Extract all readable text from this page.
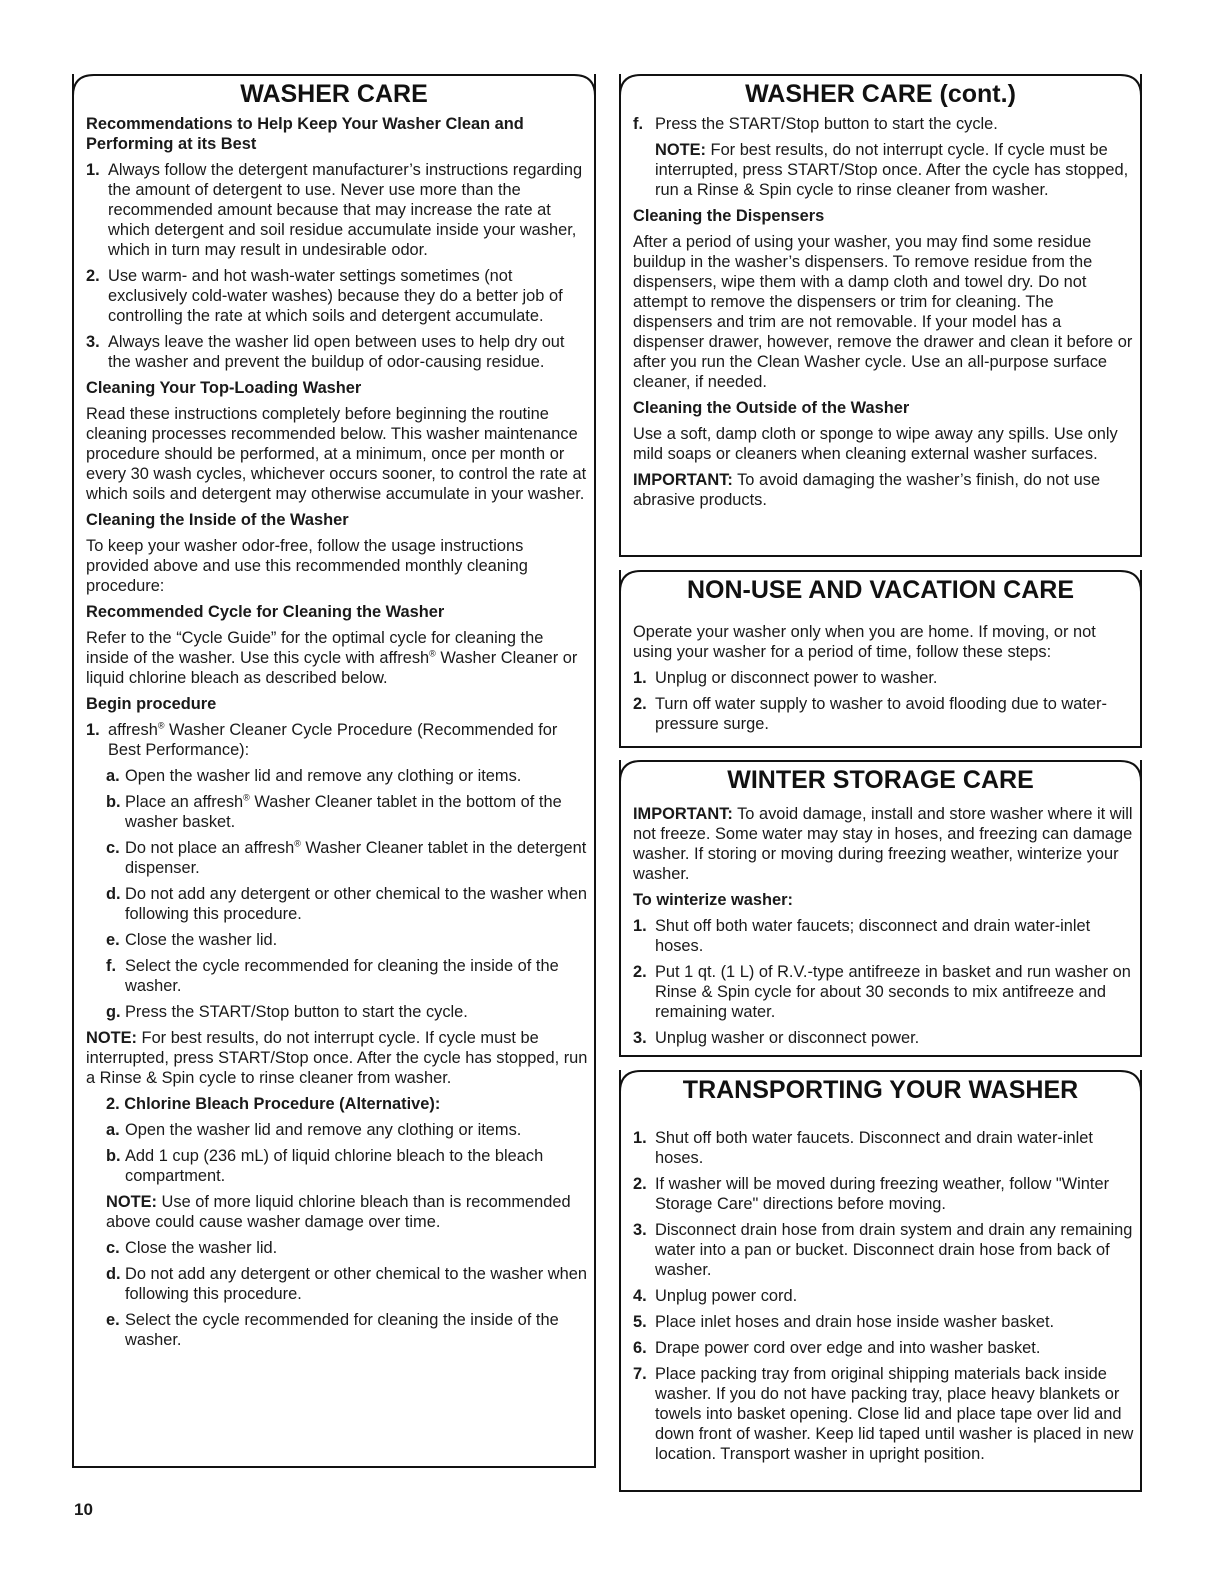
WASHER CARE

Recommendations to Help Keep Your Washer Clean and Performing at its Best

1. Always follow the detergent manufacturer’s instructions regarding the amount of detergent to use. Never use more than the recommended amount because that may increase the rate at which detergent and soil residue accumulate inside your washer, which in turn may result in undesirable odor.
2. Use warm- and hot wash-water settings sometimes (not exclusively cold-water washes) because they do a better job of controlling the rate at which soils and detergent accumulate.
3. Always leave the washer lid open between uses to help dry out the washer and prevent the buildup of odor-causing residue.

Cleaning Your Top-Loading Washer

Read these instructions completely before beginning the routine cleaning processes recommended below. This washer maintenance procedure should be performed, at a minimum, once per month or every 30 wash cycles, whichever occurs sooner, to control the rate at which soils and detergent may otherwise accumulate in your washer.

Cleaning the Inside of the Washer

To keep your washer odor-free, follow the usage instructions provided above and use this recommended monthly cleaning procedure:

Recommended Cycle for Cleaning the Washer

Refer to the “Cycle Guide” for the optimal cycle for cleaning the inside of the washer. Use this cycle with affresh® Washer Cleaner or liquid chlorine bleach as described below.

Begin procedure

1. affresh® Washer Cleaner Cycle Procedure (Recommended for Best Performance):
a. Open the washer lid and remove any clothing or items.
b. Place an affresh® Washer Cleaner tablet in the bottom of the washer basket.
c. Do not place an affresh® Washer Cleaner tablet in the detergent dispenser.
d. Do not add any detergent or other chemical to the washer when following this procedure.
e. Close the washer lid.
f. Select the cycle recommended for cleaning the inside of the washer.
g. Press the START/Stop button to start the cycle.

NOTE: For best results, do not interrupt cycle. If cycle must be interrupted, press START/Stop once. After the cycle has stopped, run a Rinse & Spin cycle to rinse cleaner from washer.

2. Chlorine Bleach Procedure (Alternative):

a. Open the washer lid and remove any clothing or items.
b. Add 1 cup (236 mL) of liquid chlorine bleach to the bleach compartment.

NOTE: Use of more liquid chlorine bleach than is recommended above could cause washer damage over time.

c. Close the washer lid.
d. Do not add any detergent or other chemical to the washer when following this procedure.
e. Select the cycle recommended for cleaning the inside of the washer.
WASHER CARE (cont.)
f. Press the START/Stop button to start the cycle.

NOTE: For best results, do not interrupt cycle. If cycle must be interrupted, press START/Stop once. After the cycle has stopped, run a Rinse & Spin cycle to rinse cleaner from washer.

Cleaning the Dispensers

After a period of using your washer, you may find some residue buildup in the washer’s dispensers. To remove residue from the dispensers, wipe them with a damp cloth and towel dry. Do not attempt to remove the dispensers or trim for cleaning. The dispensers and trim are not removable. If your model has a dispenser drawer, however, remove the drawer and clean it before or after you run the Clean Washer cycle. Use an all-purpose surface cleaner, if needed.

Cleaning the Outside of the Washer

Use a soft, damp cloth or sponge to wipe away any spills. Use only mild soaps or cleaners when cleaning external washer surfaces.

IMPORTANT: To avoid damaging the washer’s finish, do not use abrasive products.

NON-USE AND VACATION CARE

Operate your washer only when you are home. If moving, or not using your washer for a period of time, follow these steps:

1. Unplug or disconnect power to washer.
2. Turn off water supply to washer to avoid flooding due to water-pressure surge.
WINTER STORAGE CARE

IMPORTANT: To avoid damage, install and store washer where it will not freeze. Some water may stay in hoses, and freezing can damage washer. If storing or moving during freezing weather, winterize your washer.

To winterize washer:

1. Shut off both water faucets; disconnect and drain water-inlet hoses.
2. Put 1 qt. (1 L) of R.V.-type antifreeze in basket and run washer on Rinse & Spin cycle for about 30 seconds to mix antifreeze and remaining water.
3. Unplug washer or disconnect power.
TRANSPORTING YOUR WASHER
1. Shut off both water faucets. Disconnect and drain water-inlet hoses.
2. If washer will be moved during freezing weather, follow "Winter Storage Care" directions before moving.
3. Disconnect drain hose from drain system and drain any remaining water into a pan or bucket. Disconnect drain hose from back of washer.
4. Unplug power cord.
5. Place inlet hoses and drain hose inside washer basket.
6. Drape power cord over edge and into washer basket.
7. Place packing tray from original shipping materials back inside washer. If you do not have packing tray, place heavy blankets or towels into basket opening. Close lid and place tape over lid and down front of washer. Keep lid taped until washer is placed in new location. Transport washer in upright position.
10
